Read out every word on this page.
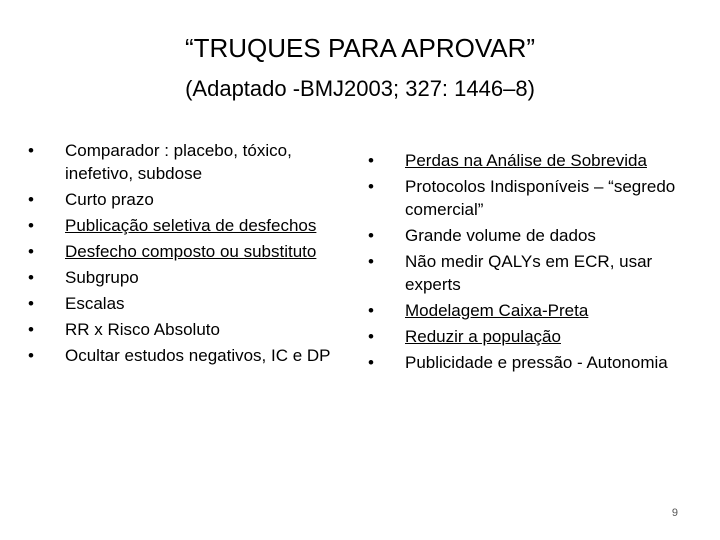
“TRUQUES PARA APROVAR”
(Adaptado -BMJ2003; 327: 1446–8)
•	Comparador : placebo, tóxico, inefetivo, subdose
•	Curto prazo
•	Publicação seletiva de desfechos
•	Desfecho composto ou substituto
•	Subgrupo
•	Escalas
•	RR x Risco Absoluto
•	Ocultar estudos negativos, IC e DP
•	Perdas na Análise de Sobrevida
•	Protocolos Indisponíveis – “segredo comercial”
•	Grande volume de dados
•	Não medir QALYs em ECR, usar experts
•	Modelagem Caixa-Preta
•	Reduzir a população
•	Publicidade e pressão - Autonomia
9
